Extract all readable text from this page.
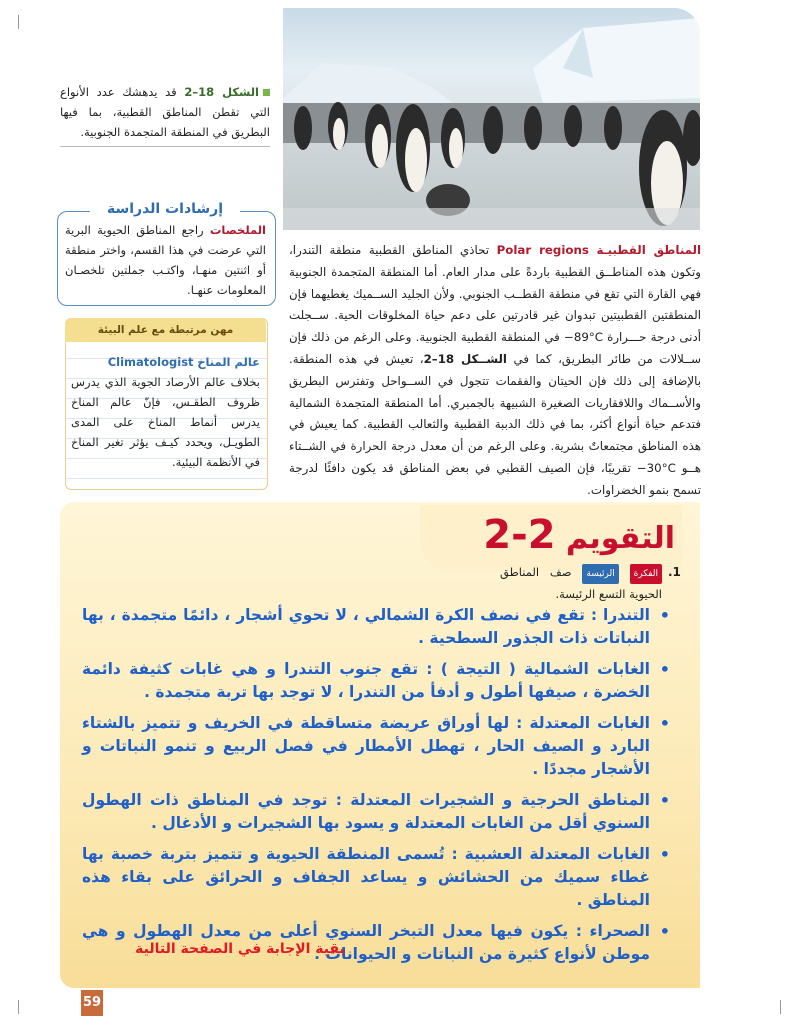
الشكل 18–2 قد يدهشك عدد الأنواع التي تقطن المناطق القطبية، بما فيها البطريق في المنطقة المتجمدة الجنوبية.
إرشادات الدراسة
الملخصات راجع المناطق الحيوية البرية التي عرضت في هذا القسم، واختر منطقة أو اثنتين منهـا، واكتـب جملتين تلخصـان المعلومات عنهـا.
مهن مرتبطة مع علم البيئة
عالم المناخ Climatologist
بخلاف عالم الأرصاد الجوية الذي يدرس ظروف الطقـس، فإنّ عالم المناخ يدرس أنماط المناخ على المدى الطويـل، ويحدد كيـف يؤثر تغير المناخ في الأنظمة البيئية.
المناطق القطبيـة Polar regions تحاذي المناطق القطبية منطقة التندرا، وتكون هذه المناطــق القطبية باردةً على مدار العام. أما المنطقة المتجمدة الجنوبية فهي القارة التي تقع في منطقة القطــب الجنوبي. ولأن الجليد الســميك يغطيهما فإن المنطقتين القطبيتين تبدوان غير قادرتين على دعم حياة المخلوقات الحية. ســجلت أدنى درجة حـــرارة ‎−89°C‏ في المنطقة القطبية الجنوبية. وعلى الرغم من ذلك فإن ســلالات من طائر البطريق، كما في الشــكل 18–2، تعيش في هذه المنطقة. بالإضافة إلى ذلك فإن الحيتان والفقمات تتجول في الســواحل وتفترس البطريق والأســماك واللافقاريات الصغيرة الشبيهة بالجمبري. أما المنطقة المتجمدة الشمالية فتدعم حياة أنواع أكثر، بما في ذلك الدببة القطبية والثعالب القطبية. كما يعيش في هذه المناطق مجتمعاتٌ بشرية. وعلى الرغم من أن معدل درجة الحرارة في الشــتاء هــو ‎−30°C‏ تقريبًا، فإن الصيف القطبي في بعض المناطق قد يكون دافئًا لدرجة تسمح بنمو الخضراوات.
التقويم 2-2
.1
الفكرة الرئيسة صف المناطق الحيوية التسع الرئيسة.
• التندرا : تقع في نصف الكرة الشمالي ، لا تحوي أشجار ، دائمًا متجمدة ، بها النباتات ذات الجذور السطحية .
• الغابات الشمالية ( التيجة ) : تقع جنوب التندرا و هي غابات كثيفة دائمة الخضرة ، صيفها أطول و أدفأ من التندرا ، لا توجد بها تربة متجمدة .
• الغابات المعتدلة : لها أوراق عريضة متساقطة في الخريف و تتميز بالشتاء البارد و الصيف الحار ، تهطل الأمطار في فصل الربيع و تنمو النباتات و الأشجار مجددًا .
• المناطق الحرجية و الشجيرات المعتدلة : توجد في المناطق ذات الهطول السنوي أقل من الغابات المعتدلة و يسود بها الشجيرات و الأدغال .
• الغابات المعتدلة العشبية : تُسمى المنطقة الحيوية و تتميز بتربة خصبة بها غطاء سميك من الحشائش و يساعد الجفاف و الحرائق على بقاء هذه المناطق .
• الصحراء : يكون فيها معدل التبخر السنوي أعلى من معدل الهطول و هي موطن لأنواع كثيرة من النباتات و الحيوانات .
بقية الإجابة في الصفحة التالية
59
